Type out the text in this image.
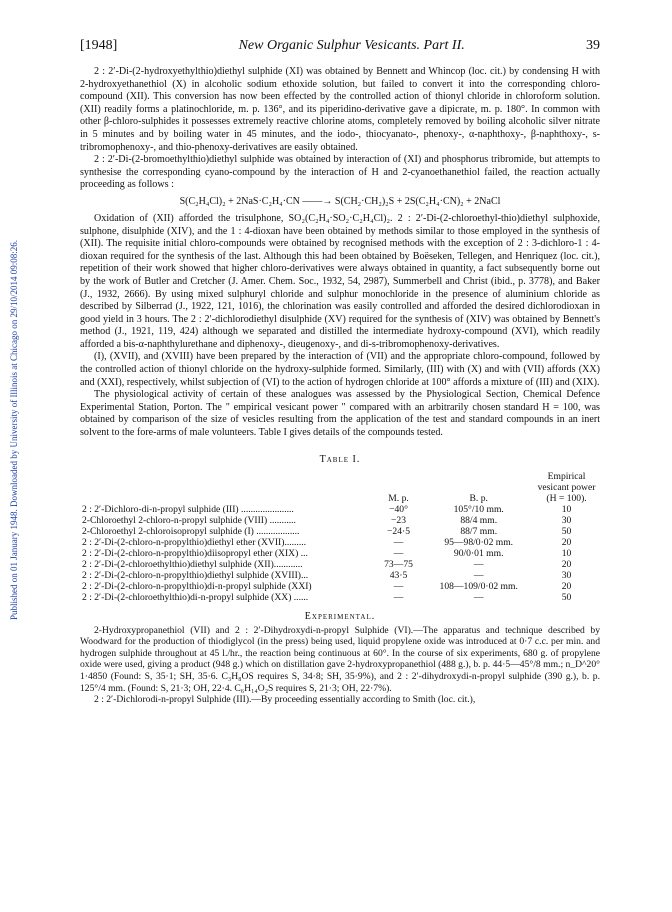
Published on 01 January 1948. Downloaded by University of Illinois at Chicago on 29/10/2014 09:08:26.
[1948]	New Organic Sulphur Vesicants. Part II.	39

2 : 2′-Di-(2-hydroxyethylthio)diethyl sulphide (XI) was obtained by Bennett and Whincop (loc. cit.) by condensing H with 2-hydroxyethanethiol (X) in alcoholic sodium ethoxide solution, but failed to convert it into the corresponding chloro-compound (XII). This conversion has now been effected by the controlled action of thionyl chloride in chloroform solution. (XII) readily forms a platinochloride, m. p. 136°, and its piperidino-derivative gave a dipicrate, m. p. 180°. In common with other β-chloro-sulphides it possesses extremely reactive chlorine atoms, completely removed by boiling alcoholic silver nitrate in 5 minutes and by boiling water in 45 minutes, and the iodo-, thiocyanato-, phenoxy-, α-naphthoxy-, β-naphthoxy-, s-tribromophenoxy-, and thio-phenoxy-derivatives are easily obtained.

2 : 2′-Di-(2-bromoethylthio)diethyl sulphide was obtained by interaction of (XI) and phosphorus tribromide, but attempts to synthesise the corresponding cyano-compound by the interaction of H and 2-cyanoethanethiol failed, the reaction actually proceeding as follows :

S(C₂H₄Cl)₂ + 2NaS·C₂H₄·CN ——→ S(CH₂·CH₂)₂S + 2S(C₂H₄·CN)₂ + 2NaCl

Oxidation of (XII) afforded the trisulphone, SO₂(C₂H₄·SO₂·C₂H₄Cl)₂. 2 : 2′-Di-(2-chloroethyl-thio)diethyl sulphoxide, sulphone, disulphide (XIV), and the 1 : 4-dioxan have been obtained by methods similar to those employed in the synthesis of (XII). The requisite initial chloro-compounds were obtained by recognised methods with the exception of 2 : 3-dichloro-1 : 4-dioxan required for the synthesis of the last. Although this had been obtained by Boëseken, Tellegen, and Henriquez (loc. cit.), repetition of their work showed that higher chloro-derivatives were always obtained in quantity, a fact subsequently borne out by the work of Butler and Cretcher (J. Amer. Chem. Soc., 1932, 54, 2987), Summerbell and Christ (ibid., p. 3778), and Baker (J., 1932, 2666). By using mixed sulphuryl chloride and sulphur monochloride in the presence of aluminium chloride as described by Silberrad (J., 1922, 121, 1016), the chlorination was easily controlled and afforded the desired dichlorodioxan in good yield in 3 hours. The 2 : 2′-dichlorodiethyl disulphide (XV) required for the synthesis of (XIV) was obtained by Bennett's method (J., 1921, 119, 424) although we separated and distilled the intermediate hydroxy-compound (XVI), which readily afforded a bis-α-naphthylurethane and diphenoxy-, dieugenoxy-, and di-s-tribromophenoxy-derivatives.

(I), (XVII), and (XVIII) have been prepared by the interaction of (VII) and the appropriate chloro-compound, followed by the controlled action of thionyl chloride on the hydroxy-sulphide formed. Similarly, (III) with (X) and with (VII) affords (XX) and (XXI), respectively, whilst subjection of (VI) to the action of hydrogen chloride at 100° affords a mixture of (III) and (XIX).

The physiological activity of certain of these analogues was assessed by the Physiological Section, Chemical Defence Experimental Station, Porton. The " empirical vesicant power " compared with an arbitrarily chosen standard H = 100, was obtained by comparison of the size of vesicles resulting from the application of the test and standard compounds in an inert solvent to the fore-arms of male volunteers. Table I gives details of the compounds tested.

Table I.
	M. p.	B. p.	Empirical vesicant power (H = 100).
2 : 2′-Dichloro-di-n-propyl sulphide (III) ......................	−40°	105°/10 mm.	10
2-Chloroethyl 2-chloro-n-propyl sulphide (VIII) ...........	−23	88/4 mm.	30
2-Chloroethyl 2-chloroisopropyl sulphide (I) ..................	−24·5	88/7 mm.	50
2 : 2′-Di-(2-chloro-n-propylthio)diethyl ether (XVII).........	—	95—98/0·02 mm.	20
2 : 2′-Di-(2-chloro-n-propylthio)diisopropyl ether (XIX) ...	—	90/0·01 mm.	10
2 : 2′-Di-(2-chloroethylthio)diethyl sulphide (XII)............	73—75	—	20
2 : 2′-Di-(2-chloro-n-propylthio)diethyl sulphide (XVIII)...	43·5	—	30
2 : 2′-Di-(2-chloro-n-propylthio)di-n-propyl sulphide (XXI)	—	108—109/0·02 mm.	20
2 : 2′-Di-(2-chloroethylthio)di-n-propyl sulphide (XX) ......	—	—	50
Experimental.

2-Hydroxypropanethiol (VII) and 2 : 2′-Dihydroxydi-n-propyl Sulphide (VI).—The apparatus and technique described by Woodward for the production of thiodiglycol (in the press) being used, liquid propylene oxide was introduced at 0·7 c.c. per min. and hydrogen sulphide throughout at 45 l./hr., the reaction being continuous at 60°. In the course of six experiments, 680 g. of propylene oxide were used, giving a product (948 g.) which on distillation gave 2-hydroxypropanethiol (488 g.), b. p. 44·5—45°/8 mm.; n_D^20° 1·4850 (Found: S, 35·1; SH, 35·6. C₃H₈OS requires S, 34·8; SH, 35·9%), and 2 : 2′-dihydroxydi-n-propyl sulphide (390 g.), b. p. 125°/4 mm. (Found: S, 21·3; OH, 22·4. C₆H₁₄O₂S requires S, 21·3; OH, 22·7%).

2 : 2′-Dichlorodi-n-propyl Sulphide (III).—By proceeding essentially according to Smith (loc. cit.),
